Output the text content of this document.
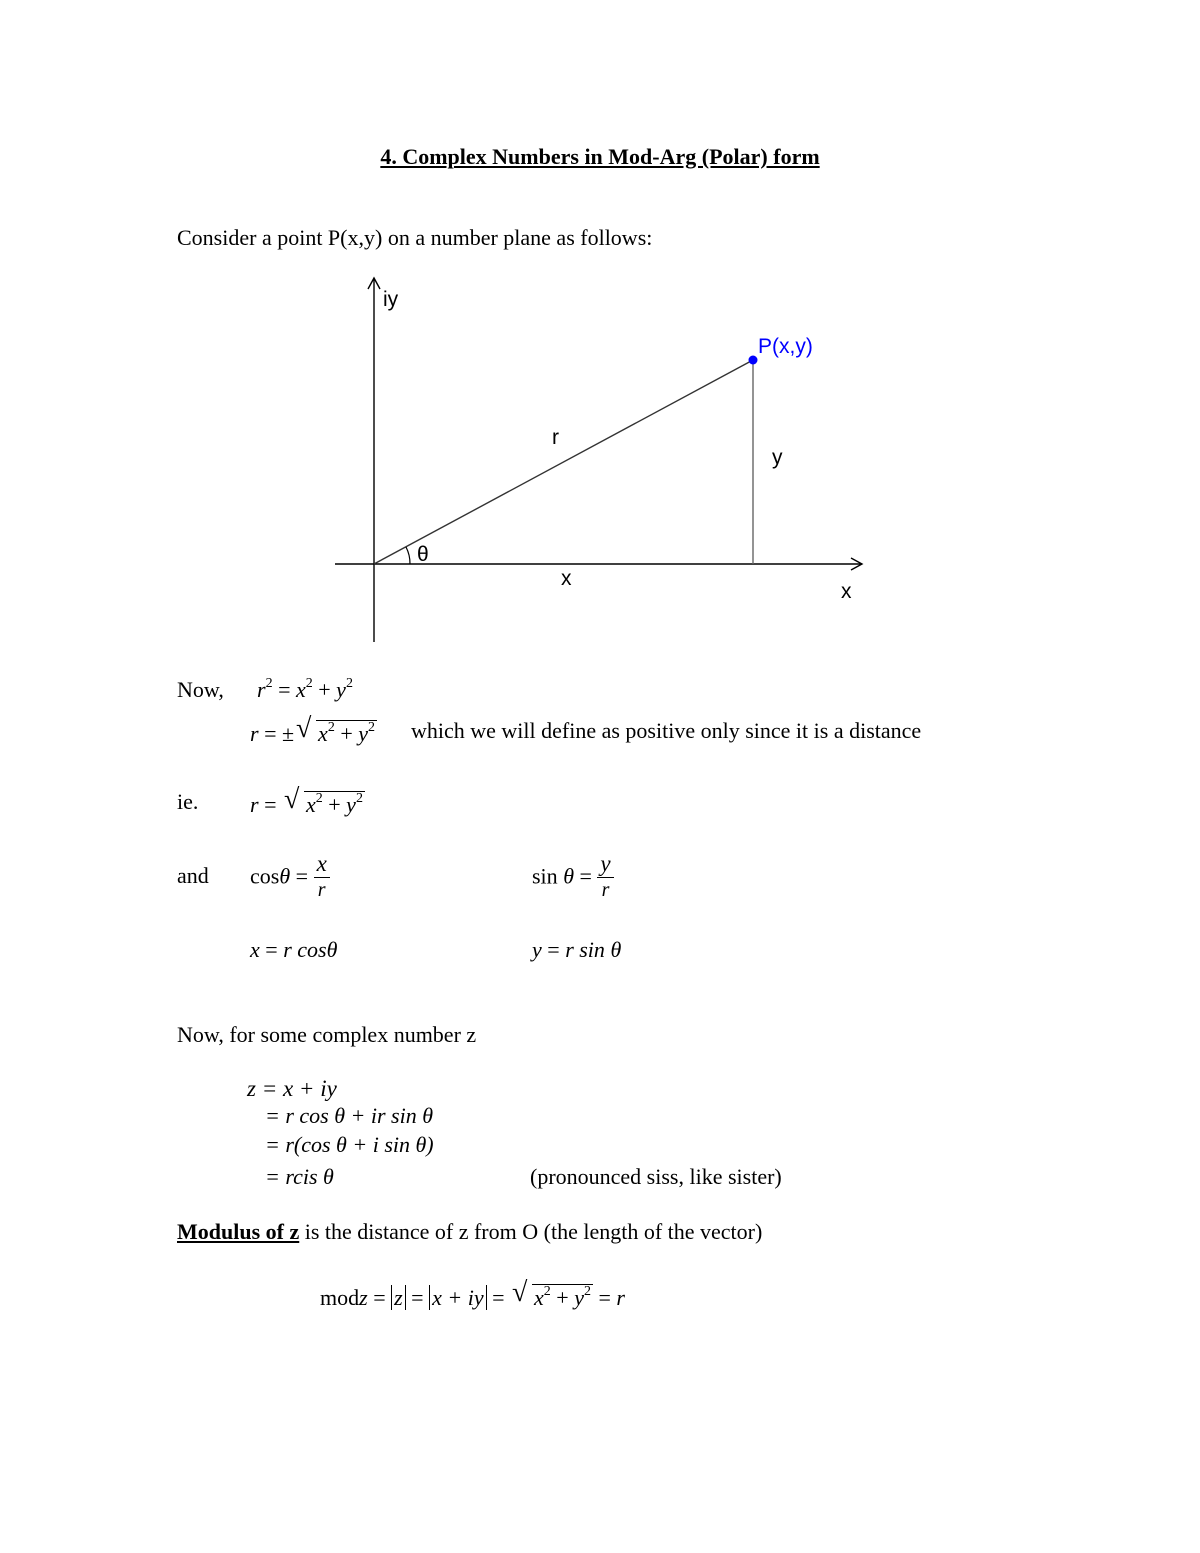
4. Complex Numbers in Mod-Arg (Polar) form
Consider a point P(x,y) on a number plane as follows:
iy
P(x,y)
r
y
θ
x
x
Now, $r^2 = x^2 + y^2$
r = ± √ $x^2 + y^2$ which we will define as positive only since it is a distance
ie. r = √ $x^2 + y^2$
and $\cos\theta = \frac{x}{r}$	$\sin \theta = \frac{y}{r}$
x = r cosθ	y = r sin θ
Now, for some complex number z
z = x + iy
= r cos θ + ir sin θ
= r(cos θ + i sin θ)
= rcis θ	(pronounced siss, like sister)
Modulus of z is the distance of z from O (the length of the vector)
modz = z = x + iy = √ $x^2 + y^2 = r$
